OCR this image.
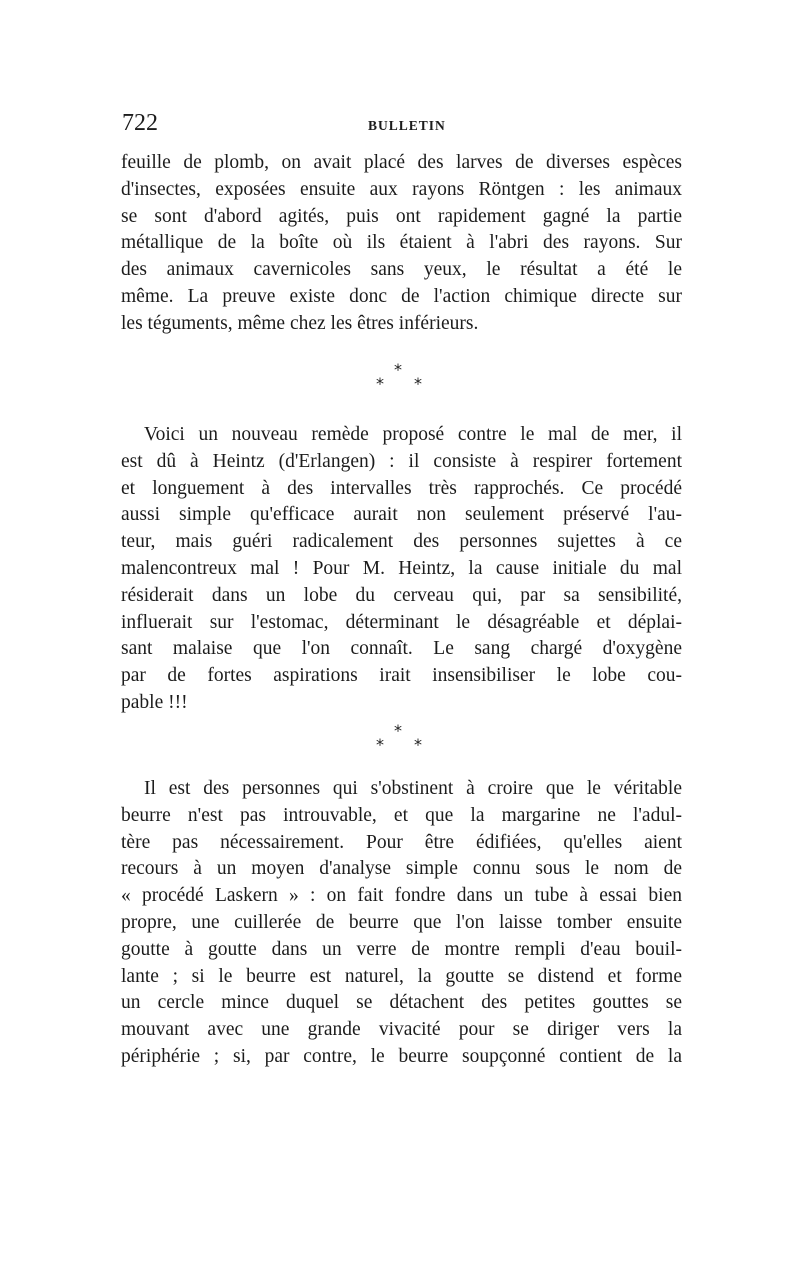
722	BULLETIN
feuille de plomb, on avait placé des larves de diverses espèces
d'insectes, exposées ensuite aux rayons Röntgen : les animaux
se sont d'abord agités, puis ont rapidement gagné la partie
métallique de la boîte où ils étaient à l'abri des rayons. Sur
des animaux cavernicoles sans yeux, le résultat a été le
même. La preuve existe donc de l'action chimique directe sur
les téguments, même chez les êtres inférieurs.
*
* *
Voici un nouveau remède proposé contre le mal de mer, il
est dû à Heintz (d'Erlangen) : il consiste à respirer fortement
et longuement à des intervalles très rapprochés. Ce procédé
aussi simple qu'efficace aurait non seulement préservé l'au-
teur, mais guéri radicalement des personnes sujettes à ce
malencontreux mal ! Pour M. Heintz, la cause initiale du mal
résiderait dans un lobe du cerveau qui, par sa sensibilité,
influerait sur l'estomac, déterminant le désagréable et déplai-
sant malaise que l'on connaît. Le sang chargé d'oxygène
par de fortes aspirations irait insensibiliser le lobe cou-
pable !!!
*
* *
Il est des personnes qui s'obstinent à croire que le véritable
beurre n'est pas introuvable, et que la margarine ne l'adul-
tère pas nécessairement. Pour être édifiées, qu'elles aient
recours à un moyen d'analyse simple connu sous le nom de
« procédé Laskern » : on fait fondre dans un tube à essai bien
propre, une cuillerée de beurre que l'on laisse tomber ensuite
goutte à goutte dans un verre de montre rempli d'eau bouil-
lante ; si le beurre est naturel, la goutte se distend et forme
un cercle mince duquel se détachent des petites gouttes se
mouvant avec une grande vivacité pour se diriger vers la
périphérie ; si, par contre, le beurre soupçonné contient de la
